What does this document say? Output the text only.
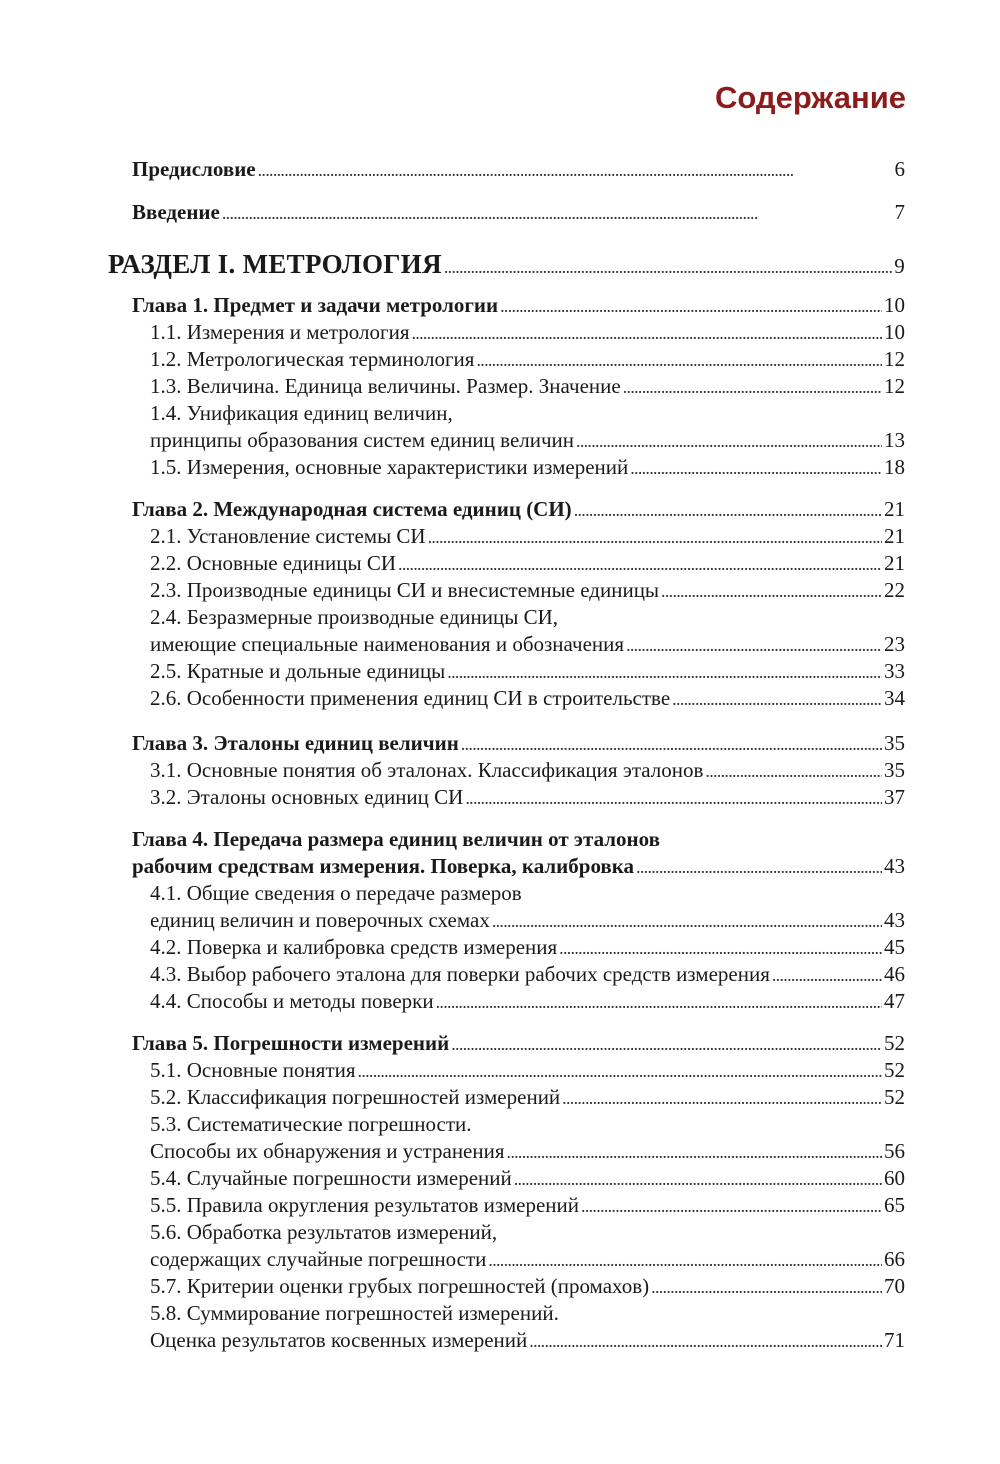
Содержание
Предисловие . . .	6
Введение . . .	7
РАЗДЕЛ I. МЕТРОЛОГИЯ . . .	9
Глава 1. Предмет и задачи метрологии . . .	10
1.1. Измерения и метрология . . .	10
1.2. Метрологическая терминология . . .	12
1.3. Величина. Единица величины. Размер. Значение . . .	12
1.4. Унификация единиц величин,
принципы образования систем единиц величин . . .	13
1.5. Измерения, основные характеристики измерений . . .	18
Глава 2. Международная система единиц (СИ) . . .	21
2.1. Установление системы СИ . . .	21
2.2. Основные единицы СИ . . .	21
2.3. Производные единицы СИ и внесистемные единицы . . .	22
2.4. Безразмерные производные единицы СИ,
имеющие специальные наименования и обозначения . . .	23
2.5. Кратные и дольные единицы . . .	33
2.6. Особенности применения единиц СИ в строительстве . . .	34
Глава 3. Эталоны единиц величин . . .	35
3.1. Основные понятия об эталонах. Классификация эталонов . . .	35
3.2. Эталоны основных единиц СИ . . .	37
Глава 4. Передача размера единиц величин от эталонов
рабочим средствам измерения. Поверка, калибровка . . .	43
4.1. Общие сведения о передаче размеров
единиц величин и поверочных схемах . . .	43
4.2. Поверка и калибровка средств измерения . . .	45
4.3. Выбор рабочего эталона для поверки рабочих средств измерения . . .	46
4.4. Способы и методы поверки . . .	47
Глава 5. Погрешности измерений . . .	52
5.1. Основные понятия . . .	52
5.2. Классификация погрешностей измерений . . .	52
5.3. Систематические погрешности.
Способы их обнаружения и устранения . . .	56
5.4. Случайные погрешности измерений . . .	60
5.5. Правила округления результатов измерений . . .	65
5.6. Обработка результатов измерений,
содержащих случайные погрешности . . .	66
5.7. Критерии оценки грубых погрешностей (промахов) . . .	70
5.8. Суммирование погрешностей измерений.
Оценка результатов косвенных измерений . . .	71
